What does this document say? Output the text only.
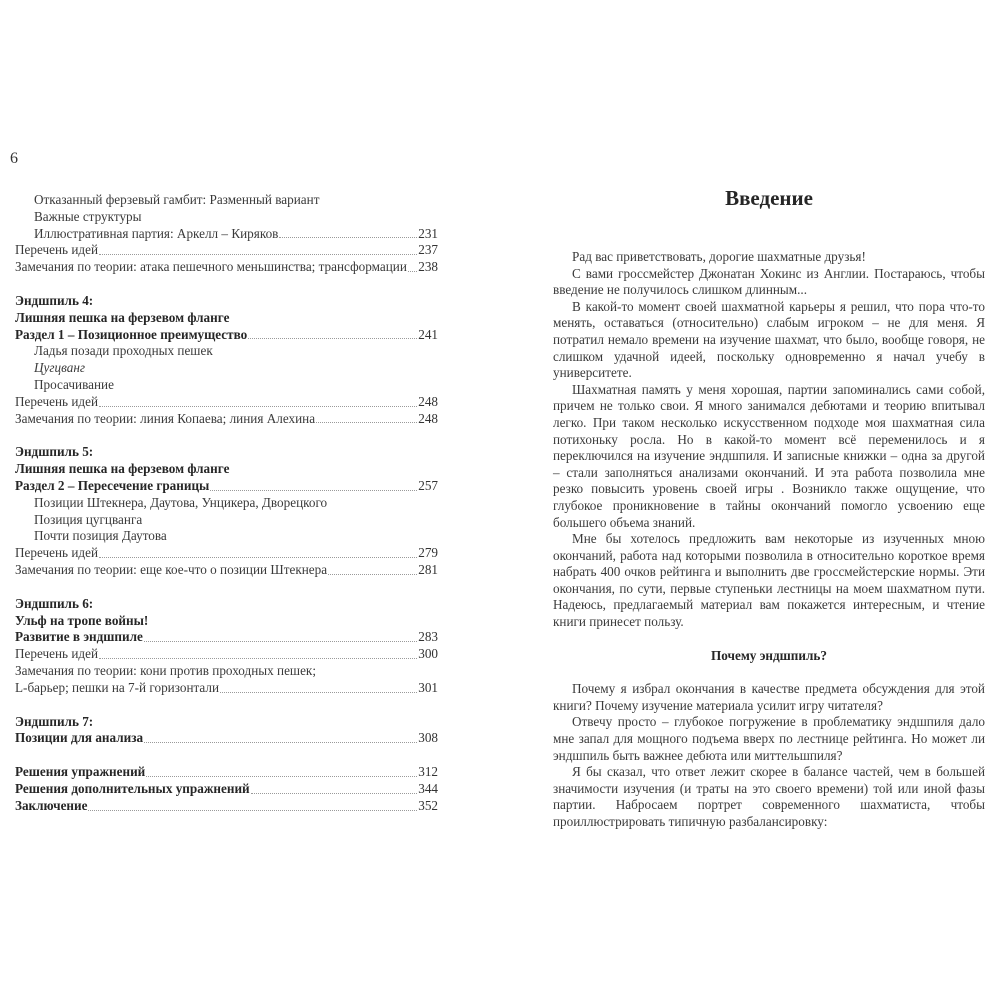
6
Отказанный ферзевый гамбит: Разменный вариант
Важные структуры
Иллюстративная партия: Аркелл – Киряков	231
Перечень идей	237
Замечания по теории: атака пешечного меньшинства; трансформации 238
Эндшпиль 4:
Лишняя пешка на ферзевом фланге
Раздел 1 – Позиционное преимущество	241
Ладья позади проходных пешек
Цугцванг
Просачивание
Перечень идей	248
Замечания по теории: линия Копаева; линия Алехина	248
Эндшпиль 5:
Лишняя пешка на ферзевом фланге
Раздел 2 – Пересечение границы	257
Позиции Штекнера, Даутова, Унцикера, Дворецкого
Позиция цугцванга
Почти позиция Даутова
Перечень идей	279
Замечания по теории: еще кое-что о позиции Штекнера	281
Эндшпиль 6:
Ульф на тропе войны!
Развитие в эндшпиле	283
Перечень идей	300
Замечания по теории: кони против проходных пешек;
L-барьер; пешки на 7-й горизонтали	301
Эндшпиль 7:
Позиции для анализа	308
Решения упражнений	312
Решения дополнительных упражнений	344
Заключение	352
Введение

Рад вас приветствовать, дорогие шахматные друзья!

С вами гроссмейстер Джонатан Хокинс из Англии. Постараюсь, чтобы введение не получилось слишком длинным...

В какой-то момент своей шахматной карьеры я решил, что пора что-то менять, оставаться (относительно) слабым игроком – не для меня. Я потратил немало времени на изучение шахмат, что было, вообще говоря, не слишком удачной идеей, поскольку одновременно я начал учебу в университете.

Шахматная память у меня хорошая, партии запоминались сами собой, причем не только свои. Я много занимался дебютами и теорию впитывал легко. При таком несколько искусственном подходе моя шахматная сила потихоньку росла. Но в какой-то момент всё переменилось и я переключился на изучение эндшпиля. И записные книжки – одна за другой – стали заполняться анализами окончаний. И эта работа позволила мне резко повысить уровень своей игры . Возникло также ощущение, что глубокое проникновение в тайны окончаний помогло усвоению еще большего объема знаний.

Мне бы хотелось предложить вам некоторые из изученных мною окончаний, работа над которыми позволила в относительно короткое время набрать 400 очков рейтинга и выполнить две гроссмейстерские нормы. Эти окончания, по сути, первые ступеньки лестницы на моем шахматном пути. Надеюсь, предлагаемый материал вам покажется интересным, и чтение книги принесет пользу.

Почему эндшпиль?

Почему я избрал окончания в качестве предмета обсуждения для этой книги? Почему изучение материала усилит игру читателя?

Отвечу просто – глубокое погружение в проблематику эндшпиля дало мне запал для мощного подъема вверх по лестнице рейтинга. Но может ли эндшпиль быть важнее дебюта или миттельшпиля?

Я бы сказал, что ответ лежит скорее в балансе частей, чем в большей значимости изучения (и траты на это своего времени) той или иной фазы партии. Набросаем портрет современного шахматиста, чтобы проиллюстрировать типичную разбалансировку:
